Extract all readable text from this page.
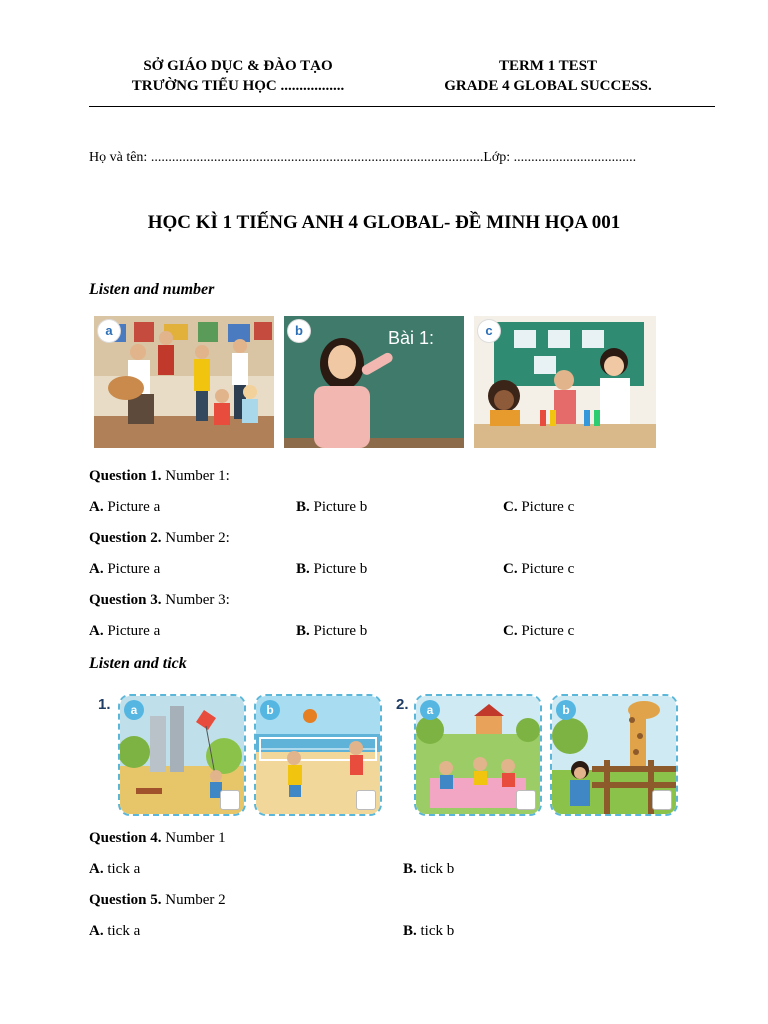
SỞ GIÁO DỤC & ĐÀO TẠO
TRƯỜNG TIỂU HỌC .................
TERM 1 TEST
GRADE 4 GLOBAL SUCCESS.
Họ và tên: ...............................................................................................Lớp: ...................................
HỌC KÌ 1 TIẾNG ANH 4 GLOBAL- ĐỀ MINH HỌA 001
Listen and number
a	Bài 1:
b	c
Question 1. Number 1:
A. Picture a	B. Picture b	C. Picture c
Question 2. Number 2:
A. Picture a	B. Picture b	C. Picture c
Question 3. Number 3:
A. Picture a	B. Picture b	C. Picture c
Listen and tick
1.	a	b	2.	a	b
Question 4. Number 1
A. tick a	B. tick b
Question 5. Number 2
A. tick a	B. tick b
